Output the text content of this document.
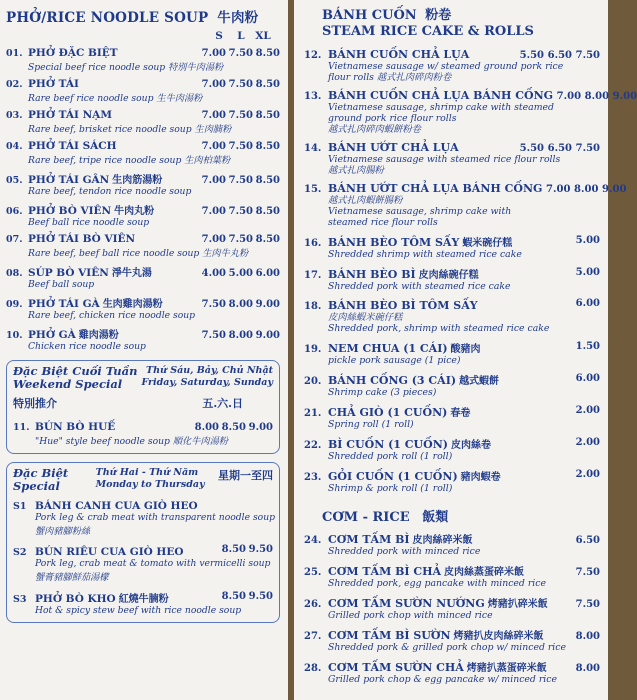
PHỞ/RICE NOODLE SOUP 牛肉粉
S	L	XL
01. PHỞ ĐẶC BIỆT	7.00 7.50 8.50
Special beef rice noodle soup 特別牛肉湯粉
02. PHỞ TÁI	7.00 7.50 8.50
Rare beef rice noodle soup 生牛肉湯粉
03. PHỞ TÁI NẠM	7.00 7.50 8.50
Rare beef, brisket rice noodle soup 生肉腩粉
04. PHỞ TÁI SÁCH	7.00 7.50 8.50
Rare beef, tripe rice noodle soup 生肉柏葉粉
05. PHỞ TÁI GÂN 生肉筋湯粉	7.00 7.50 8.50
Rare beef, tendon rice noodle soup
06. PHỞ BÒ VIÊN 牛肉丸粉	7.00 7.50 8.50
Beef ball rice noodle soup
07. PHỞ TÁI BÒ VIÊN	7.00 7.50 8.50
Rare beef, beef ball rice noodle soup 生肉牛丸粉
08. SÚP BÒ VIÊN 淨牛丸湯	4.00 5.00 6.00
Beef ball soup
09. PHỞ TÁI GÀ 生肉雞肉湯粉	7.50 8.00 9.00
Rare beef, chicken rice noodle soup
10. PHỞ GÀ 雞肉湯粉	7.50 8.00 9.00
Chicken rice noodle soup
Đặc Biệt Cuối Tuần
Weekend Special
Thứ Sáu, Bảy, Chủ Nhật
Friday, Saturday, Sunday
特別推介	五.六.日
11. BÚN BÒ HUẾ	8.00 8.50 9.00
"Hue" style beef noodle soup 順化牛肉湯粉
Đặc Biệt
Special
Thứ Hai - Thứ Năm
Monday to Thursday
星期一至四
S1 BÁNH CANH CUA GIÒ HEO
Pork leg & crab meat with transparent noodle soup
蟹肉豬腳粉絲
S2 BÚN RIÊU CUA GIÒ HEO	8.50 9.50
Pork leg, crab meat & tomato with vermicelli soup
蟹膏豬腳鮮茄湯檬
S3 PHỞ BÒ KHO 紅燒牛腩粉	8.50 9.50
Hot & spicy stew beef with rice noodle soup
BÁNH CUỐN 粉卷
STEAM RICE CAKE & ROLLS
12. BÁNH CUỐN CHẢ LỤA	5.50 6.50 7.50
Vietnamese sausage w/ steamed ground pork rice
flour rolls 越式扎肉碎肉粉卷
13. BÁNH CUỐN CHẢ LỤA BÁNH CỐNG 7.00 8.00 9.00
Vietnamese sausage, shrimp cake with steamed
ground pork rice flour rolls
越式扎肉碎肉蝦餅粉卷
14. BÁNH ƯỚT CHẢ LỤA	5.50 6.50 7.50
Vietnamese sausage with steamed rice flour rolls
越式扎肉腸粉
15. BÁNH ƯỚT CHẢ LỤA BÁNH CỐNG 7.00 8.00 9.00
越式扎肉蝦餅腸粉
Vietnamese sausage, shrimp cake with
steamed rice flour rolls
16. BÁNH BÈO TÔM SẤY 蝦米碗仔糕	5.00
Shredded shrimp with steamed rice cake
17. BÁNH BÈO BÌ 皮肉絲碗仔糕	5.00
Shredded pork with steamed rice cake
18. BÁNH BÈO BÌ TÔM SẤY	6.00
皮肉絲蝦米碗仔糕
Shredded pork, shrimp with steamed rice cake
19. NEM CHUA (1 CÁI) 酸豬肉	1.50
pickle pork sausage (1 pice)
20. BÁNH CỐNG (3 CÁI) 越式蝦餅	6.00
Shrimp cake (3 pieces)
21. CHẢ GIÒ (1 CUỐN) 春卷	2.00
Spring roll (1 roll)
22. BÌ CUỐN (1 CUỐN) 皮肉絲卷	2.00
Shredded pork roll (1 roll)
23. GỎI CUỐN (1 CUỐN) 豬肉蝦卷	2.00
Shrimp & pork roll (1 roll)
CƠM - RICE 飯類
24. CƠM TẤM BÌ 皮肉絲碎米飯	6.50
Shredded pork with minced rice
25. CƠM TẤM BÌ CHẢ 皮肉絲蒸蛋碎米飯	7.50
Shredded pork, egg pancake with minced rice
26. CƠM TẤM SƯỜN NƯỚNG 烤豬扒碎米飯	7.50
Grilled pork chop with minced rice
27. CƠM TẤM BÌ SƯỜN 烤豬扒皮肉絲碎米飯	8.00
Shredded pork & grilled pork chop w/ minced rice
28. CƠM TẤM SƯỜN CHẢ 烤豬扒蒸蛋碎米飯	8.00
Grilled pork chop & egg pancake w/ minced rice
